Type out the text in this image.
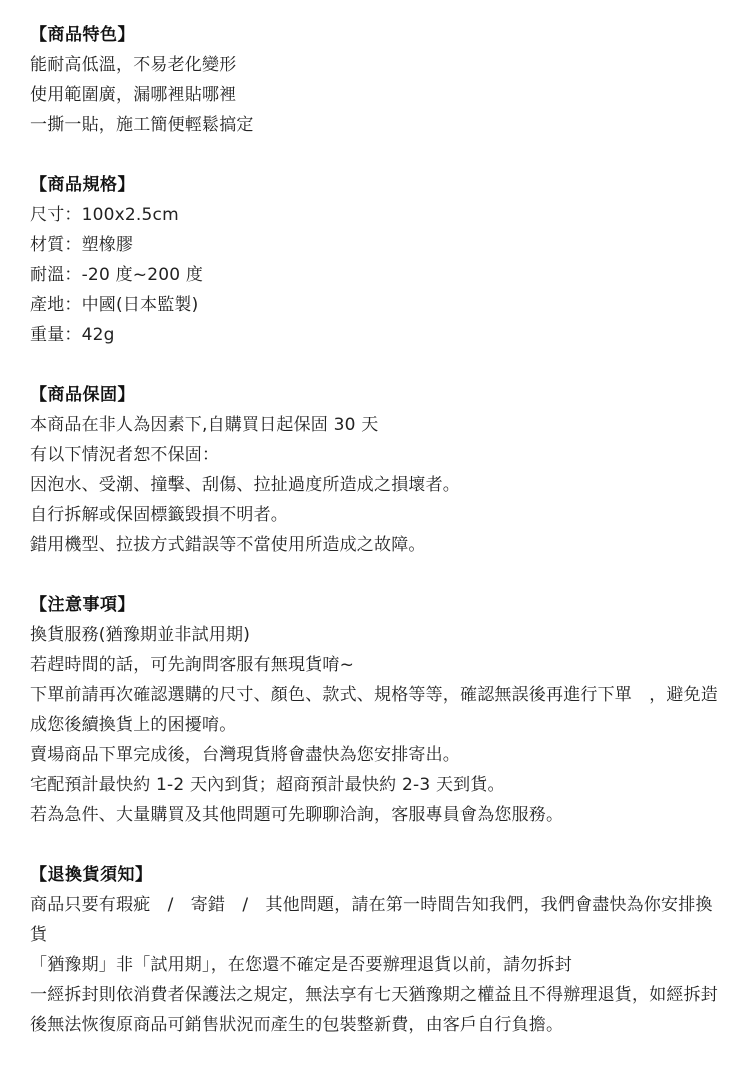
【商品特色】
能耐高低溫，不易老化變形
使用範圍廣，漏哪裡貼哪裡
一撕一貼，施工簡便輕鬆搞定
【商品規格】
尺寸：100x2.5cm
材質：塑橡膠
耐溫：-20 度~200 度
產地：中國(日本監製)
重量：42g
【商品保固】
本商品在非人為因素下,自購買日起保固 30 天
有以下情況者恕不保固：
因泡水、受潮、撞擊、刮傷、拉扯過度所造成之損壞者。
自行拆解或保固標籤毀損不明者。
錯用機型、拉拔方式錯誤等不當使用所造成之故障。
【注意事項】
換貨服務(猶豫期並非試用期)
若趕時間的話，可先詢問客服有無現貨唷~
下單前請再次確認選購的尺寸、顏色、款式、規格等等，確認無誤後再進行下單　，避免造成您後續換貨上的困擾唷。
賣場商品下單完成後，台灣現貨將會盡快為您安排寄出。
宅配預計最快約 1-2 天內到貨；超商預計最快約 2-3 天到貨。
若為急件、大量購買及其他問題可先聊聊洽詢，客服專員會為您服務。
【退換貨須知】
商品只要有瑕疵　/　寄錯　/　其他問題，請在第一時間告知我們，我們會盡快為你安排換貨
「猶豫期」非「試用期」，在您還不確定是否要辦理退貨以前，請勿拆封
一經拆封則依消費者保護法之規定，無法享有七天猶豫期之權益且不得辦理退貨，如經拆封後無法恢復原商品可銷售狀況而產生的包裝整新費，由客戶自行負擔。
